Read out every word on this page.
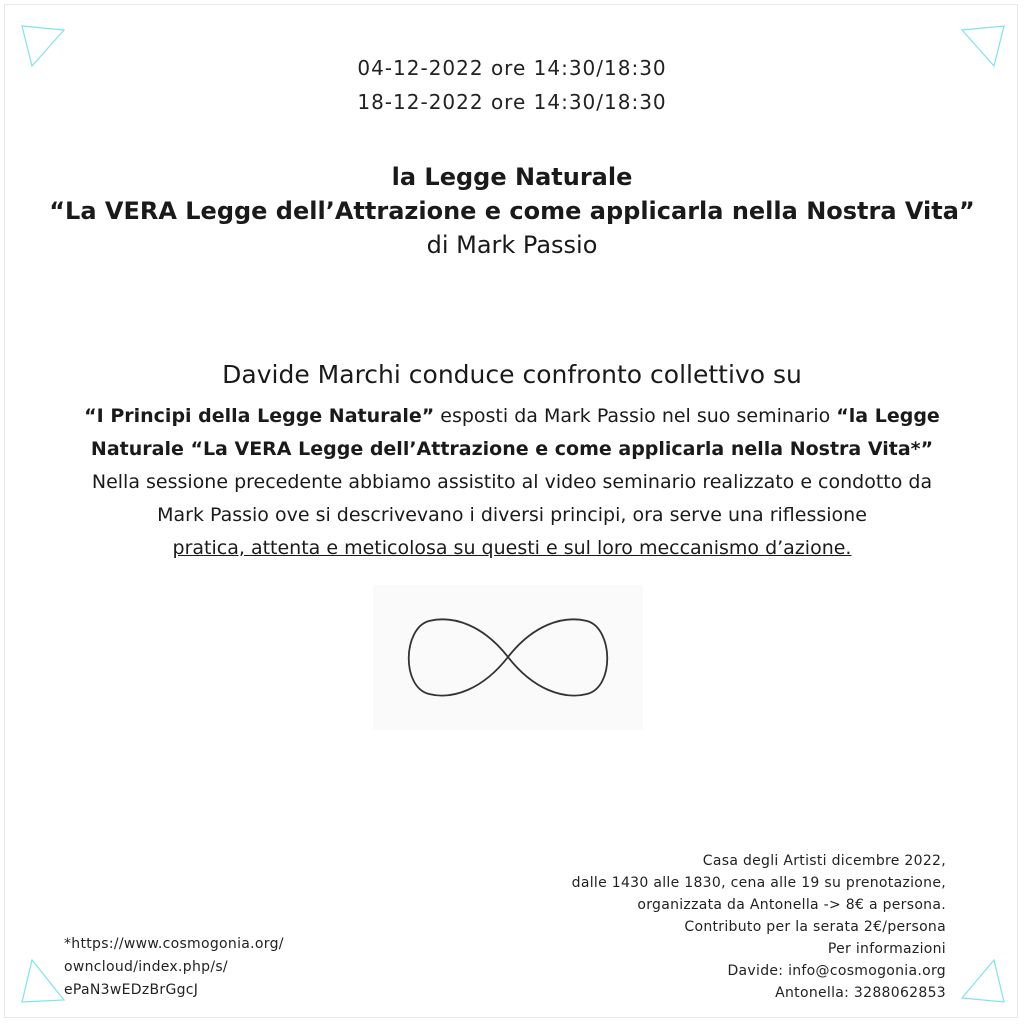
04-12-2022 ore 14:30/18:30
18-12-2022 ore 14:30/18:30
la Legge Naturale
“La VERA Legge dell’Attrazione e come applicarla nella Nostra Vita”
di Mark Passio
Davide Marchi conduce confronto collettivo su
“I Principi della Legge Naturale” esposti da Mark Passio nel suo seminario “la Legge
Naturale “La VERA Legge dell’Attrazione e come applicarla nella Nostra Vita*”
Nella sessione precedente abbiamo assistito al video seminario realizzato e condotto da
Mark Passio ove si descrivevano i diversi principi, ora serve una riflessione
pratica, attenta e meticolosa su questi e sul loro meccanismo d’azione.
Casa degli Artisti dicembre 2022,
dalle 1430 alle 1830, cena alle 19 su prenotazione,
organizzata da Antonella -> 8€ a persona.
Contributo per la serata 2€/persona
Per informazioni
Davide: info@cosmogonia.org
Antonella: 3288062853
*https://www.cosmogonia.org/
owncloud/index.php/s/
ePaN3wEDzBrGgcJ
